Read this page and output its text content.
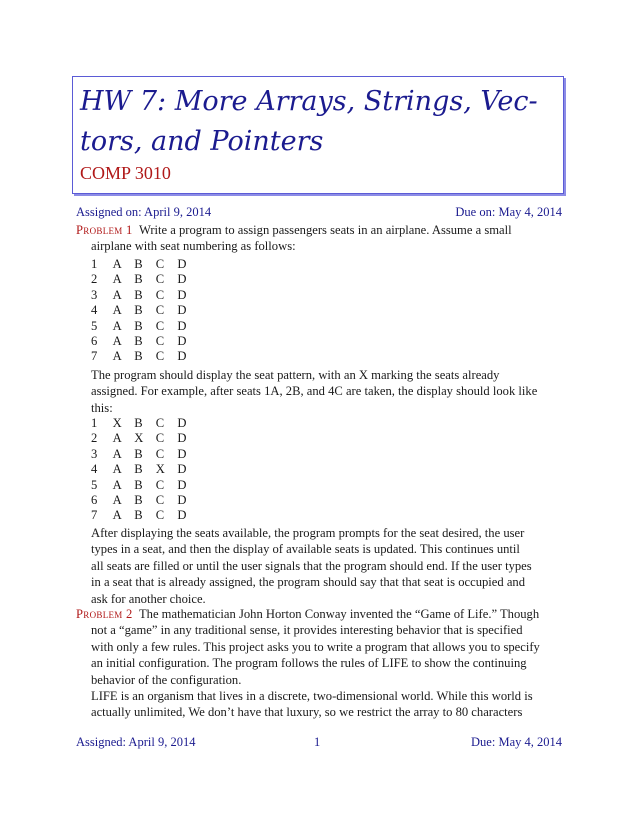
HW 7: More Arrays, Strings, Vec-
tors, and Pointers
COMP 3010
Assigned on: April 9, 2014	Due on: May 4, 2014
Problem 1 Write a program to assign passengers seats in an airplane. Assume a small
airplane with seat numbering as follows:
1	A B	C	D
2	A B	C	D
3	A B	C	D
4	A B	C	D
5	A B	C	D
6	A B	C	D
7	A B	C	D
The program should display the seat pattern, with an X marking the seats already
assigned. For example, after seats 1A, 2B, and 4C are taken, the display should look like
this:
1	X B	C	D
2	A X C	D
3	A B	C	D
4	A B	X D
5	A B	C	D
6	A B	C	D
7	A B	C	D
After displaying the seats available, the program prompts for the seat desired, the user
types in a seat, and then the display of available seats is updated. This continues until
all seats are filled or until the user signals that the program should end. If the user types
in a seat that is already assigned, the program should say that that seat is occupied and
ask for another choice.
Problem 2 The mathematician John Horton Conway invented the “Game of Life.” Though
not a “game” in any traditional sense, it provides interesting behavior that is specified
with only a few rules. This project asks you to write a program that allows you to specify
an initial configuration. The program follows the rules of LIFE to show the continuing
behavior of the configuration.
LIFE is an organism that lives in a discrete, two-dimensional world. While this world is
actually unlimited, We don’t have that luxury, so we restrict the array to 80 characters
Assigned: April 9, 2014	1	Due: May 4, 2014
